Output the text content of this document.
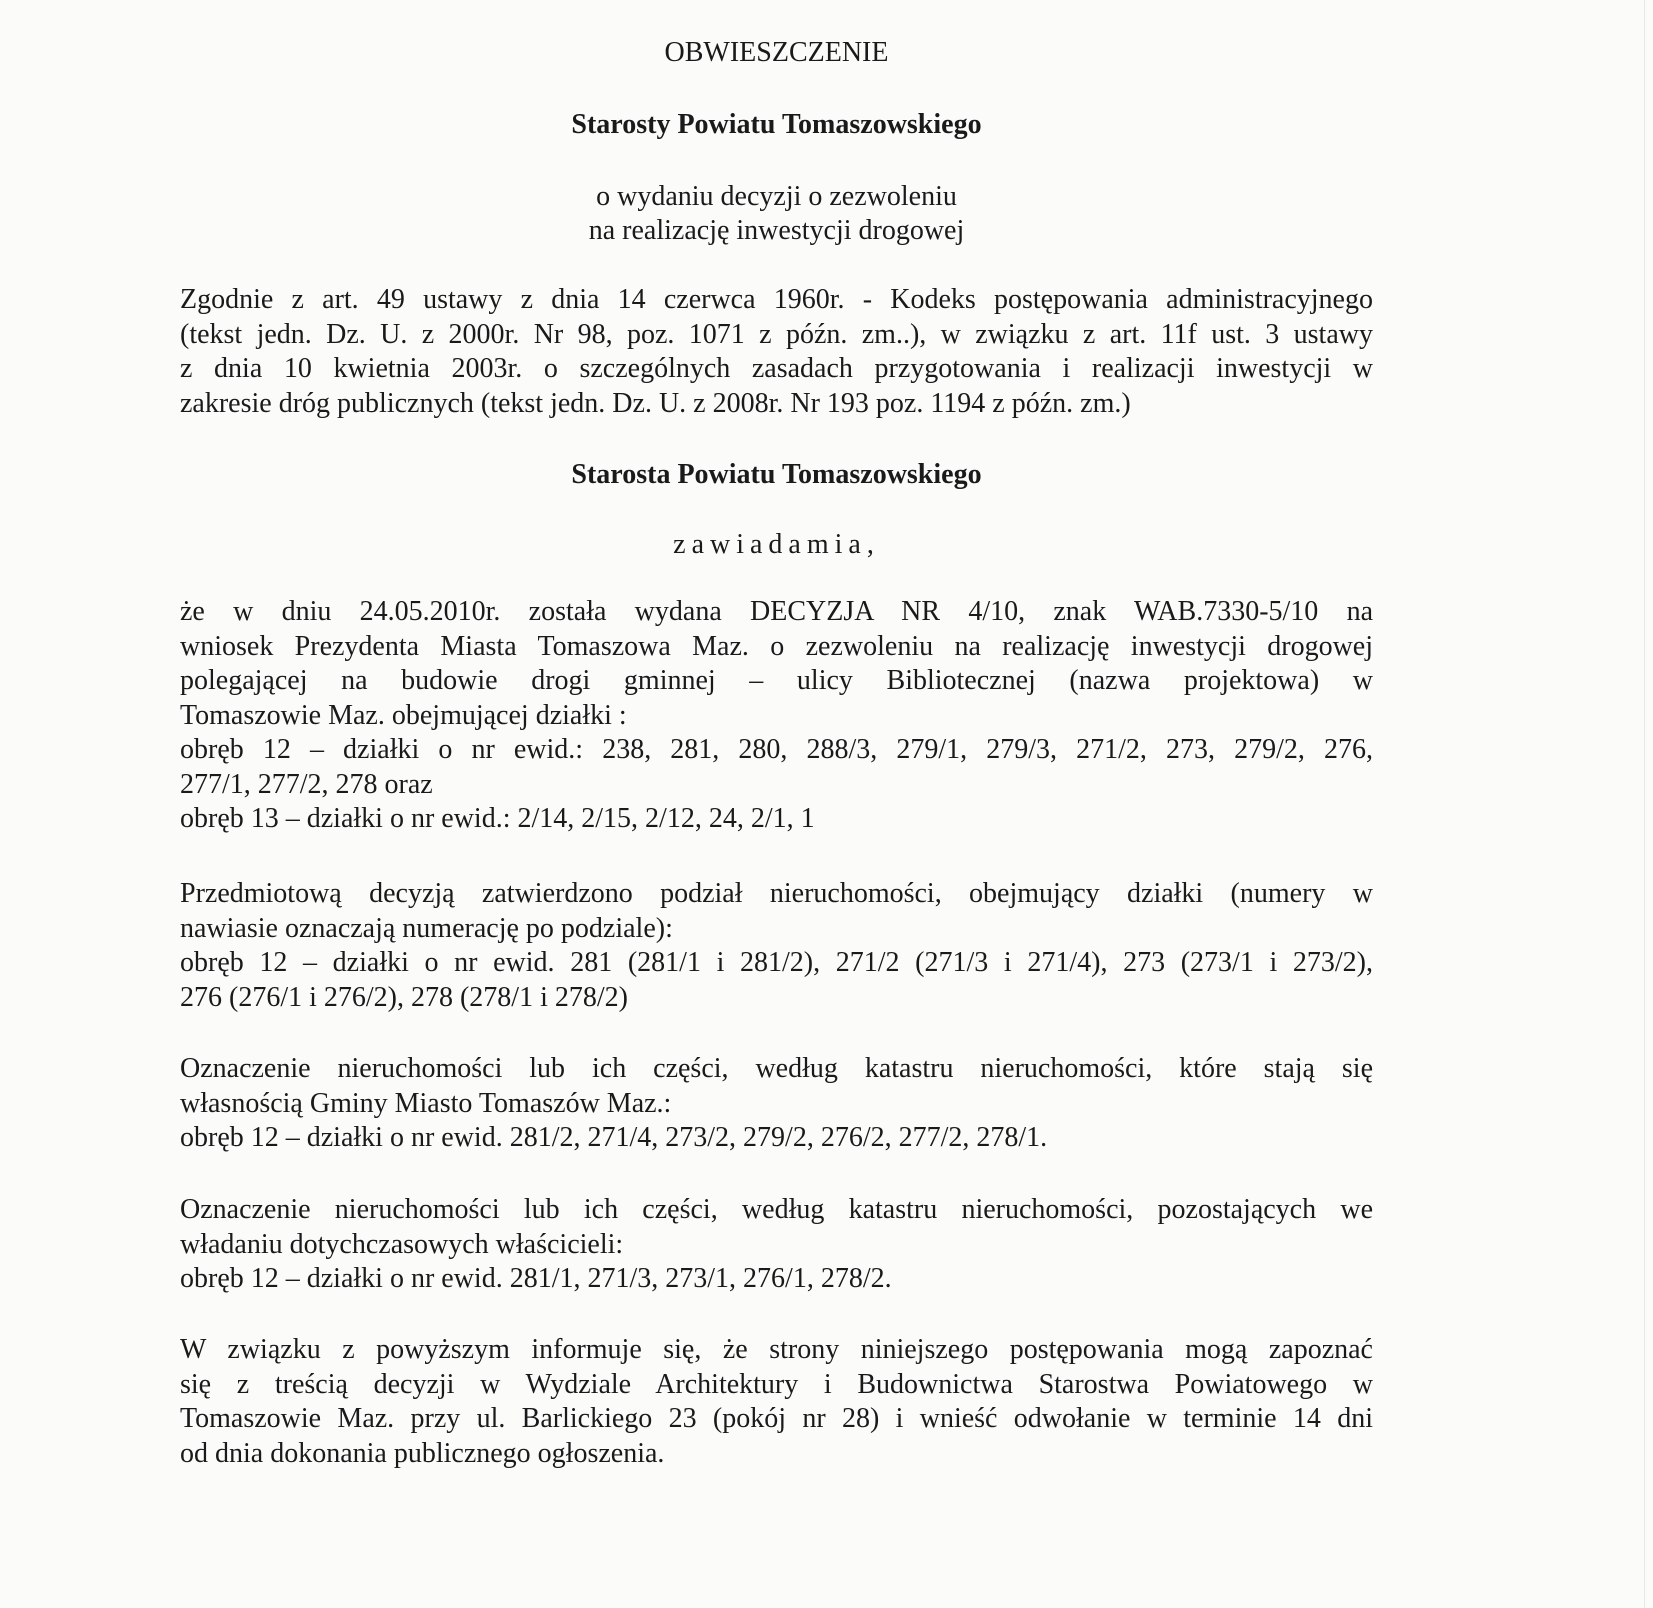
OBWIESZCZENIE
Starosty Powiatu Tomaszowskiego
o wydaniu decyzji o zezwoleniu
na realizację inwestycji drogowej
Zgodnie z art. 49 ustawy z dnia 14 czerwca 1960r. - Kodeks postępowania administracyjnego
(tekst jedn. Dz. U. z 2000r. Nr 98, poz. 1071 z późn. zm..), w związku z art. 11f ust. 3 ustawy
z dnia 10 kwietnia 2003r. o szczególnych zasadach przygotowania i realizacji inwestycji w
zakresie dróg publicznych (tekst jedn. Dz. U. z 2008r. Nr 193 poz. 1194 z późn. zm.)
Starosta Powiatu Tomaszowskiego
zawiadamia,
że w dniu 24.05.2010r. została wydana DECYZJA NR 4/10, znak WAB.7330-5/10 na
wniosek Prezydenta Miasta Tomaszowa Maz. o zezwoleniu na realizację inwestycji drogowej
polegającej na budowie drogi gminnej – ulicy Bibliotecznej (nazwa projektowa) w
Tomaszowie Maz. obejmującej działki :
obręb 12 – działki o nr ewid.: 238, 281, 280, 288/3, 279/1, 279/3, 271/2, 273, 279/2, 276,
277/1, 277/2, 278 oraz
obręb 13 – działki o nr ewid.: 2/14, 2/15, 2/12, 24, 2/1, 1
Przedmiotową decyzją zatwierdzono podział nieruchomości, obejmujący działki (numery w
nawiasie oznaczają numerację po podziale):
obręb 12 – działki o nr ewid. 281 (281/1 i 281/2), 271/2 (271/3 i 271/4), 273 (273/1 i 273/2),
276 (276/1 i 276/2), 278 (278/1 i 278/2)
Oznaczenie nieruchomości lub ich części, według katastru nieruchomości, które stają się
własnością Gminy Miasto Tomaszów Maz.:
obręb 12 – działki o nr ewid. 281/2, 271/4, 273/2, 279/2, 276/2, 277/2, 278/1.
Oznaczenie nieruchomości lub ich części, według katastru nieruchomości, pozostających we
władaniu dotychczasowych właścicieli:
obręb 12 – działki o nr ewid. 281/1, 271/3, 273/1, 276/1, 278/2.
W związku z powyższym informuje się, że strony niniejszego postępowania mogą zapoznać
się z treścią decyzji w Wydziale Architektury i Budownictwa Starostwa Powiatowego w
Tomaszowie Maz. przy ul. Barlickiego 23 (pokój nr 28) i wnieść odwołanie w terminie 14 dni
od dnia dokonania publicznego ogłoszenia.
